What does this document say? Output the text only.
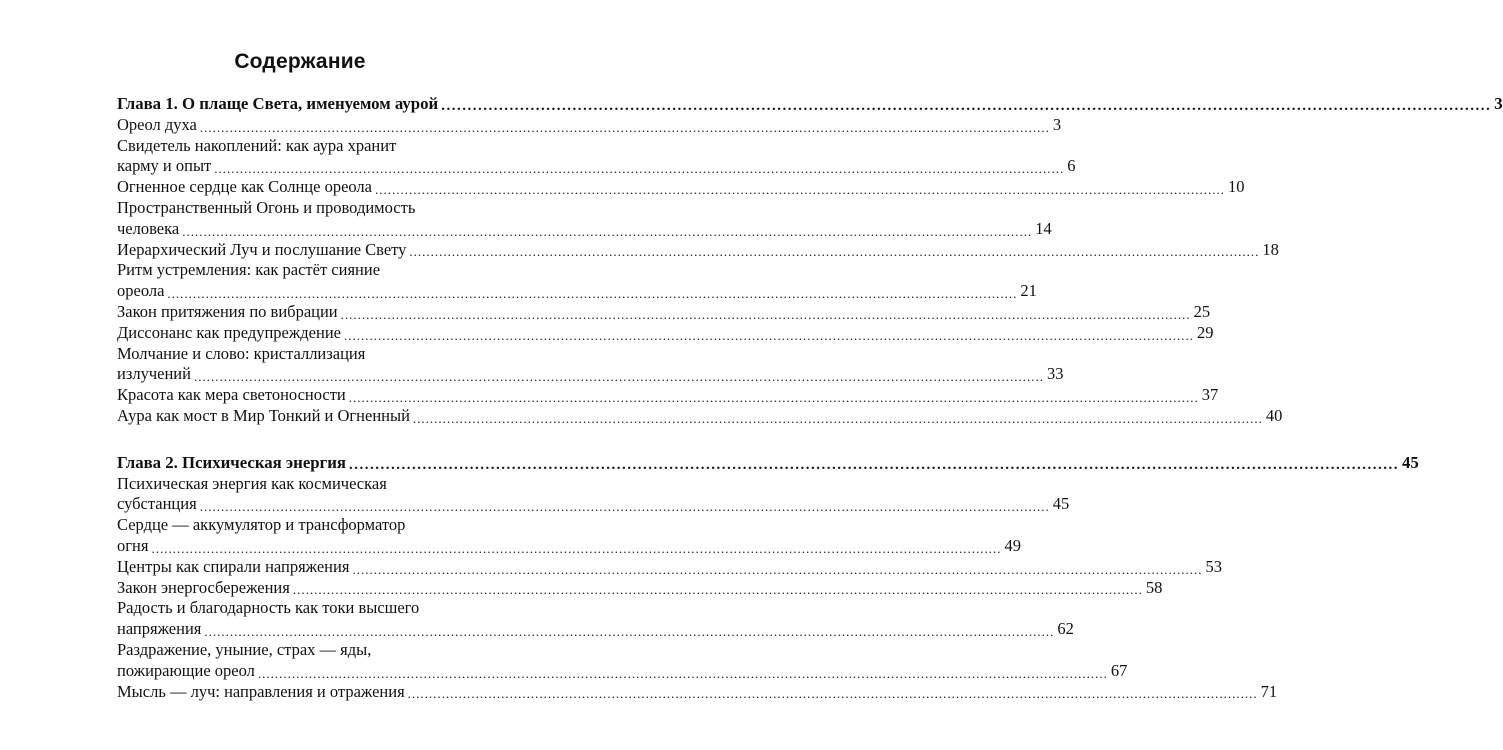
Содержание
Глава 1. О плаще Света, именуемом аурой ........................................................................................................................................................................................................ 3
Ореол духа ........................................................................................................................................................................................................ 3
Свидетель накоплений: как аура хранит
карму и опыт ........................................................................................................................................................................................................ 6
Огненное сердце как Солнце ореола ........................................................................................................................................................................................................ 10
Пространственный Огонь и проводимость
человека ........................................................................................................................................................................................................ 14
Иерархический Луч и послушание Свету ........................................................................................................................................................................................................ 18
Ритм устремления: как растёт сияние
ореола ........................................................................................................................................................................................................ 21
Закон притяжения по вибрации ........................................................................................................................................................................................................ 25
Диссонанс как предупреждение ........................................................................................................................................................................................................ 29
Молчание и слово: кристаллизация
излучений ........................................................................................................................................................................................................ 33
Красота как мера светоносности ........................................................................................................................................................................................................ 37
Аура как мост в Мир Тонкий и Огненный ........................................................................................................................................................................................................ 40
Глава 2. Психическая энергия ........................................................................................................................................................................................................ 45
Психическая энергия как космическая
субстанция ........................................................................................................................................................................................................ 45
Сердце — аккумулятор и трансформатор
огня ........................................................................................................................................................................................................ 49
Центры как спирали напряжения ........................................................................................................................................................................................................ 53
Закон энергосбережения ........................................................................................................................................................................................................ 58
Радость и благодарность как токи высшего
напряжения ........................................................................................................................................................................................................ 62
Раздражение, уныние, страх — яды,
пожирающие ореол ........................................................................................................................................................................................................ 67
Мысль — луч: направления и отражения ........................................................................................................................................................................................................ 71
